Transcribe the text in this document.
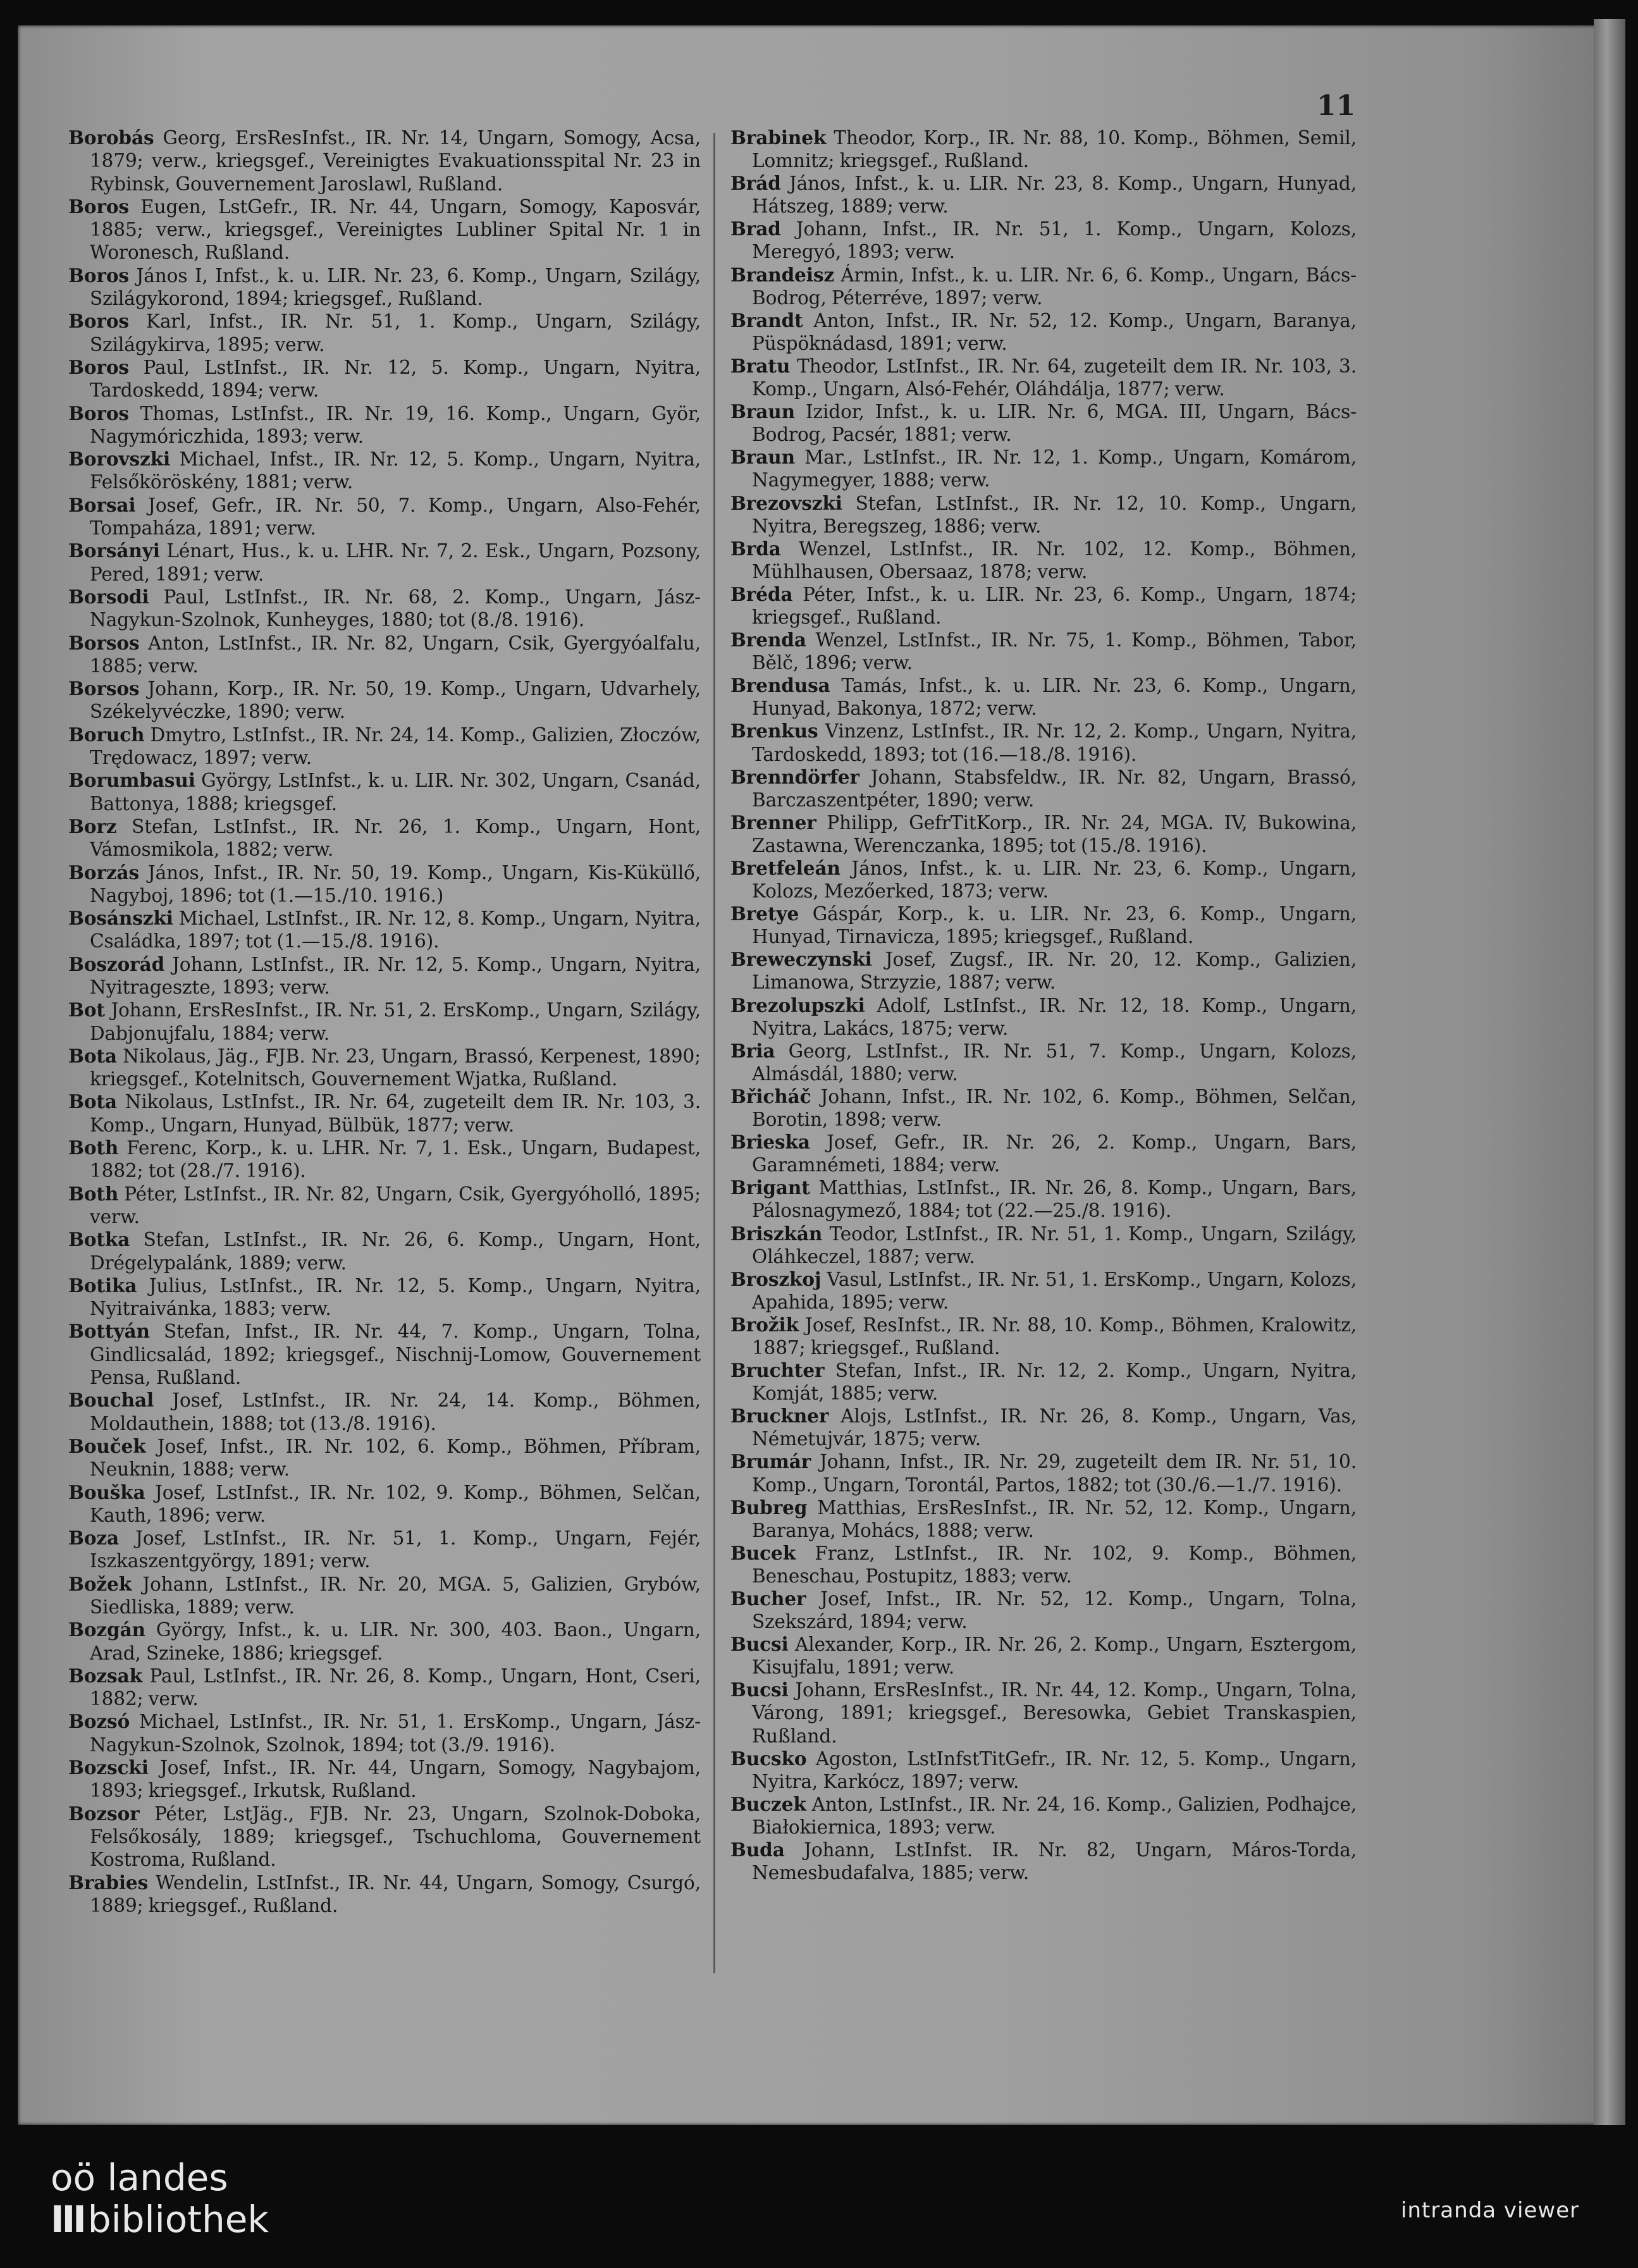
11
Borobás Georg, ErsResInfst., IR. Nr. 14, Ungarn, Somogy, Acsa, 1879; verw., kriegsgef., Vereinigtes Evakuationsspital Nr. 23 in Rybinsk, Gouvernement Jaroslawl, Rußland.
Boros Eugen, LstGefr., IR. Nr. 44, Ungarn, Somogy, Kaposvár, 1885; verw., kriegsgef., Vereinigtes Lubliner Spital Nr. 1 in Woronesch, Rußland.
Boros János I, Infst., k. u. LIR. Nr. 23, 6. Komp., Ungarn, Szilágy, Szilágykorond, 1894; kriegsgef., Rußland.
Boros Karl, Infst., IR. Nr. 51, 1. Komp., Ungarn, Szilágy, Szilágykirva, 1895; verw.
Boros Paul, LstInfst., IR. Nr. 12, 5. Komp., Ungarn, Nyitra, Tardoskedd, 1894; verw.
Boros Thomas, LstInfst., IR. Nr. 19, 16. Komp., Ungarn, Györ, Nagymóriczhida, 1893; verw.
Borovszki Michael, Infst., IR. Nr. 12, 5. Komp., Ungarn, Nyitra, Felsőköröskény, 1881; verw.
Borsai Josef, Gefr., IR. Nr. 50, 7. Komp., Ungarn, Also-Fehér, Tompaháza, 1891; verw.
Borsányi Lénart, Hus., k. u. LHR. Nr. 7, 2. Esk., Ungarn, Pozsony, Pered, 1891; verw.
Borsodi Paul, LstInfst., IR. Nr. 68, 2. Komp., Ungarn, Jász-Nagykun-Szolnok, Kunheyges, 1880; tot (8./8. 1916).
Borsos Anton, LstInfst., IR. Nr. 82, Ungarn, Csik, Gyergyóalfalu, 1885; verw.
Borsos Johann, Korp., IR. Nr. 50, 19. Komp., Ungarn, Udvarhely, Székelyvéczke, 1890; verw.
Boruch Dmytro, LstInfst., IR. Nr. 24, 14. Komp., Galizien, Złoczów, Trędowacz, 1897; verw.
Borumbasui György, LstInfst., k. u. LIR. Nr. 302, Ungarn, Csanád, Battonya, 1888; kriegsgef.
Borz Stefan, LstInfst., IR. Nr. 26, 1. Komp., Ungarn, Hont, Vámosmikola, 1882; verw.
Borzás János, Infst., IR. Nr. 50, 19. Komp., Ungarn, Kis-Küküllő, Nagyboj, 1896; tot (1.—15./10. 1916.)
Bosánszki Michael, LstInfst., IR. Nr. 12, 8. Komp., Ungarn, Nyitra, Családka, 1897; tot (1.—15./8. 1916).
Boszorád Johann, LstInfst., IR. Nr. 12, 5. Komp., Ungarn, Nyitra, Nyitrageszte, 1893; verw.
Bot Johann, ErsResInfst., IR. Nr. 51, 2. ErsKomp., Ungarn, Szilágy, Dabjonujfalu, 1884; verw.
Bota Nikolaus, Jäg., FJB. Nr. 23, Ungarn, Brassó, Kerpenest, 1890; kriegsgef., Kotelnitsch, Gouvernement Wjatka, Rußland.
Bota Nikolaus, LstInfst., IR. Nr. 64, zugeteilt dem IR. Nr. 103, 3. Komp., Ungarn, Hunyad, Bülbük, 1877; verw.
Both Ferenc, Korp., k. u. LHR. Nr. 7, 1. Esk., Ungarn, Budapest, 1882; tot (28./7. 1916).
Both Péter, LstInfst., IR. Nr. 82, Ungarn, Csik, Gyergyóholló, 1895; verw.
Botka Stefan, LstInfst., IR. Nr. 26, 6. Komp., Ungarn, Hont, Drégelypalánk, 1889; verw.
Botika Julius, LstInfst., IR. Nr. 12, 5. Komp., Ungarn, Nyitra, Nyitraivánka, 1883; verw.
Bottyán Stefan, Infst., IR. Nr. 44, 7. Komp., Ungarn, Tolna, Gindlicsalád, 1892; kriegsgef., Nischnij-Lomow, Gouvernement Pensa, Rußland.
Bouchal Josef, LstInfst., IR. Nr. 24, 14. Komp., Böhmen, Moldauthein, 1888; tot (13./8. 1916).
Bouček Josef, Infst., IR. Nr. 102, 6. Komp., Böhmen, Příbram, Neuknin, 1888; verw.
Bouška Josef, LstInfst., IR. Nr. 102, 9. Komp., Böhmen, Selčan, Kauth, 1896; verw.
Boza Josef, LstInfst., IR. Nr. 51, 1. Komp., Ungarn, Fejér, Iszkaszentgyörgy, 1891; verw.
Božek Johann, LstInfst., IR. Nr. 20, MGA. 5, Galizien, Grybów, Siedliska, 1889; verw.
Bozgán György, Infst., k. u. LIR. Nr. 300, 403. Baon., Ungarn, Arad, Szineke, 1886; kriegsgef.
Bozsak Paul, LstInfst., IR. Nr. 26, 8. Komp., Ungarn, Hont, Cseri, 1882; verw.
Bozsó Michael, LstInfst., IR. Nr. 51, 1. ErsKomp., Ungarn, Jász-Nagykun-Szolnok, Szolnok, 1894; tot (3./9. 1916).
Bozscki Josef, Infst., IR. Nr. 44, Ungarn, Somogy, Nagybajom, 1893; kriegsgef., Irkutsk, Rußland.
Bozsor Péter, LstJäg., FJB. Nr. 23, Ungarn, Szolnok-Doboka, Felsőkosály, 1889; kriegsgef., Tschuchloma, Gouvernement Kostroma, Rußland.
Brabies Wendelin, LstInfst., IR. Nr. 44, Ungarn, Somogy, Csurgó, 1889; kriegsgef., Rußland.
Brabinek Theodor, Korp., IR. Nr. 88, 10. Komp., Böhmen, Semil, Lomnitz; kriegsgef., Rußland.
Brád János, Infst., k. u. LIR. Nr. 23, 8. Komp., Ungarn, Hunyad, Hátszeg, 1889; verw.
Brad Johann, Infst., IR. Nr. 51, 1. Komp., Ungarn, Kolozs, Meregyó, 1893; verw.
Brandeisz Ármin, Infst., k. u. LIR. Nr. 6, 6. Komp., Ungarn, Bács-Bodrog, Péterréve, 1897; verw.
Brandt Anton, Infst., IR. Nr. 52, 12. Komp., Ungarn, Baranya, Püspöknádasd, 1891; verw.
Bratu Theodor, LstInfst., IR. Nr. 64, zugeteilt dem IR. Nr. 103, 3. Komp., Ungarn, Alsó-Fehér, Oláhdálja, 1877; verw.
Braun Izidor, Infst., k. u. LIR. Nr. 6, MGA. III, Ungarn, Bács-Bodrog, Pacsér, 1881; verw.
Braun Mar., LstInfst., IR. Nr. 12, 1. Komp., Ungarn, Komárom, Nagymegyer, 1888; verw.
Brezovszki Stefan, LstInfst., IR. Nr. 12, 10. Komp., Ungarn, Nyitra, Beregszeg, 1886; verw.
Brda Wenzel, LstInfst., IR. Nr. 102, 12. Komp., Böhmen, Mühlhausen, Obersaaz, 1878; verw.
Bréda Péter, Infst., k. u. LIR. Nr. 23, 6. Komp., Ungarn, 1874; kriegsgef., Rußland.
Brenda Wenzel, LstInfst., IR. Nr. 75, 1. Komp., Böhmen, Tabor, Bělč, 1896; verw.
Brendusa Tamás, Infst., k. u. LIR. Nr. 23, 6. Komp., Ungarn, Hunyad, Bakonya, 1872; verw.
Brenkus Vinzenz, LstInfst., IR. Nr. 12, 2. Komp., Ungarn, Nyitra, Tardoskedd, 1893; tot (16.—18./8. 1916).
Brenndörfer Johann, Stabsfeldw., IR. Nr. 82, Ungarn, Brassó, Barczaszentpéter, 1890; verw.
Brenner Philipp, GefrTitKorp., IR. Nr. 24, MGA. IV, Bukowina, Zastawna, Werenczanka, 1895; tot (15./8. 1916).
Bretfeleán János, Infst., k. u. LIR. Nr. 23, 6. Komp., Ungarn, Kolozs, Mezőerked, 1873; verw.
Bretye Gáspár, Korp., k. u. LIR. Nr. 23, 6. Komp., Ungarn, Hunyad, Tirnavicza, 1895; kriegsgef., Rußland.
Breweczynski Josef, Zugsf., IR. Nr. 20, 12. Komp., Galizien, Limanowa, Strzyzie, 1887; verw.
Brezolupszki Adolf, LstInfst., IR. Nr. 12, 18. Komp., Ungarn, Nyitra, Lakács, 1875; verw.
Bria Georg, LstInfst., IR. Nr. 51, 7. Komp., Ungarn, Kolozs, Almásdál, 1880; verw.
Břicháč Johann, Infst., IR. Nr. 102, 6. Komp., Böhmen, Selčan, Borotin, 1898; verw.
Brieska Josef, Gefr., IR. Nr. 26, 2. Komp., Ungarn, Bars, Garamnémeti, 1884; verw.
Brigant Matthias, LstInfst., IR. Nr. 26, 8. Komp., Ungarn, Bars, Pálosnagymező, 1884; tot (22.—25./8. 1916).
Briszkán Teodor, LstInfst., IR. Nr. 51, 1. Komp., Ungarn, Szilágy, Oláhkeczel, 1887; verw.
Broszkoj Vasul, LstInfst., IR. Nr. 51, 1. ErsKomp., Ungarn, Kolozs, Apahida, 1895; verw.
Brožik Josef, ResInfst., IR. Nr. 88, 10. Komp., Böhmen, Kralowitz, 1887; kriegsgef., Rußland.
Bruchter Stefan, Infst., IR. Nr. 12, 2. Komp., Ungarn, Nyitra, Komját, 1885; verw.
Bruckner Alojs, LstInfst., IR. Nr. 26, 8. Komp., Ungarn, Vas, Németujvár, 1875; verw.
Brumár Johann, Infst., IR. Nr. 29, zugeteilt dem IR. Nr. 51, 10. Komp., Ungarn, Torontál, Partos, 1882; tot (30./6.—1./7. 1916).
Bubreg Matthias, ErsResInfst., IR. Nr. 52, 12. Komp., Ungarn, Baranya, Mohács, 1888; verw.
Bucek Franz, LstInfst., IR. Nr. 102, 9. Komp., Böhmen, Beneschau, Postupitz, 1883; verw.
Bucher Josef, Infst., IR. Nr. 52, 12. Komp., Ungarn, Tolna, Szekszárd, 1894; verw.
Bucsi Alexander, Korp., IR. Nr. 26, 2. Komp., Ungarn, Esztergom, Kisujfalu, 1891; verw.
Bucsi Johann, ErsResInfst., IR. Nr. 44, 12. Komp., Ungarn, Tolna, Várong, 1891; kriegsgef., Beresowka, Gebiet Transkaspien, Rußland.
Bucsko Agoston, LstInfstTitGefr., IR. Nr. 12, 5. Komp., Ungarn, Nyitra, Karkócz, 1897; verw.
Buczek Anton, LstInfst., IR. Nr. 24, 16. Komp., Galizien, Podhajce, Białokiernica, 1893; verw.
Buda Johann, LstInfst. IR. Nr. 82, Ungarn, Máros-Torda, Nemesbudafalva, 1885; verw.
oö landes
III bibliothek	intranda viewer
